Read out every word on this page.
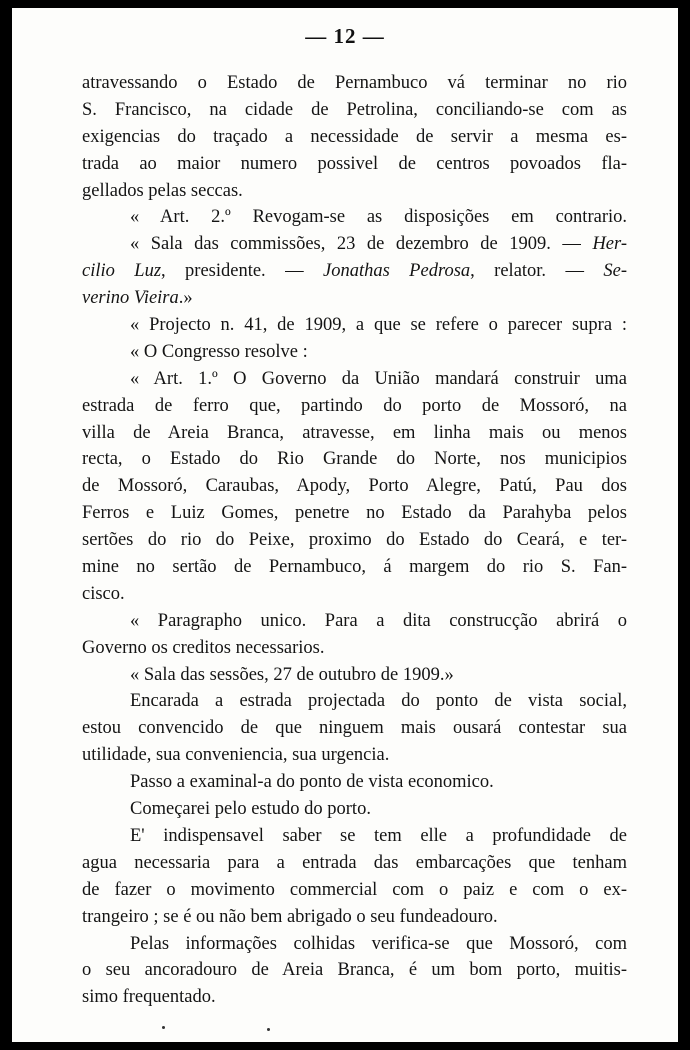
— 12 —
atravessando o Estado de Pernambuco vá terminar no rio
S. Francisco, na cidade de Petrolina, conciliando-se com as
exigencias do traçado a necessidade de servir a mesma es-
trada ao maior numero possivel de centros povoados fla-
gellados pelas seccas.
« Art. 2.º Revogam-se as disposições em contrario.
« Sala das commissões, 23 de dezembro de 1909. — Her-
cilio Luz, presidente. — Jonathas Pedrosa, relator. — Se-
verino Vieira.»
« Projecto n. 41, de 1909, a que se refere o parecer supra :
« O Congresso resolve :
« Art. 1.º O Governo da União mandará construir uma
estrada de ferro que, partindo do porto de Mossoró, na
villa de Areia Branca, atravesse, em linha mais ou menos
recta, o Estado do Rio Grande do Norte, nos municipios
de Mossoró, Caraubas, Apody, Porto Alegre, Patú, Pau dos
Ferros e Luiz Gomes, penetre no Estado da Parahyba pelos
sertões do rio do Peixe, proximo do Estado do Ceará, e ter-
mine no sertão de Pernambuco, á margem do rio S. Fan-
cisco.
« Paragrapho unico. Para a dita construcção abrirá o
Governo os creditos necessarios.
« Sala das sessões, 27 de outubro de 1909.»
Encarada a estrada projectada do ponto de vista social,
estou convencido de que ninguem mais ousará contestar sua
utilidade, sua conveniencia, sua urgencia.
Passo a examinal-a do ponto de vista economico.
Começarei pelo estudo do porto.
E' indispensavel saber se tem elle a profundidade de
agua necessaria para a entrada das embarcações que tenham
de fazer o movimento commercial com o paiz e com o ex-
trangeiro ; se é ou não bem abrigado o seu fundeadouro.
Pelas informações colhidas verifica-se que Mossoró, com
o seu ancoradouro de Areia Branca, é um bom porto, muitis-
simo frequentado.
